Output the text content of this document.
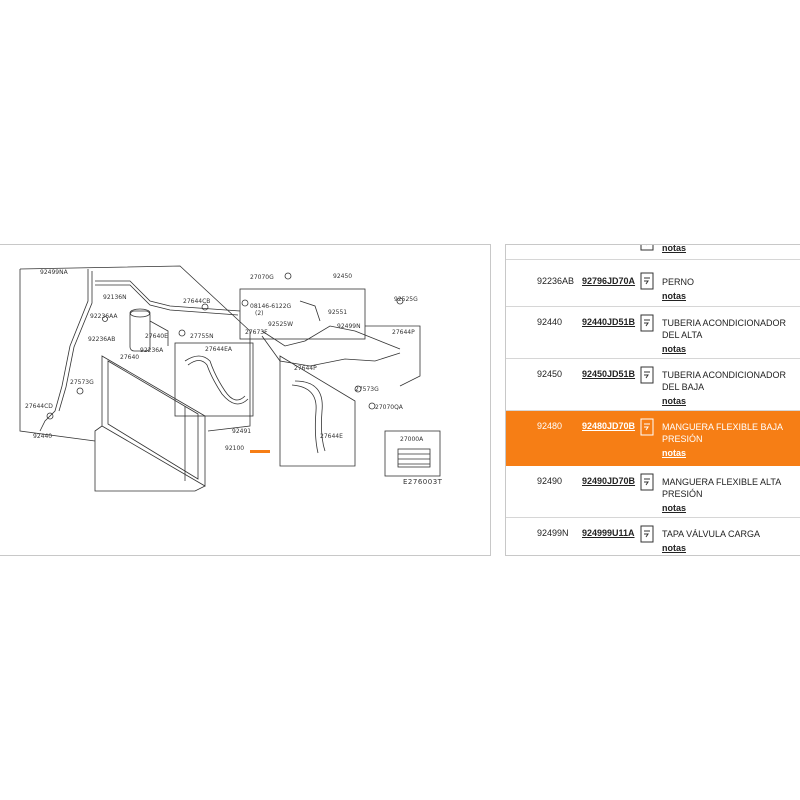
92499NA
92136N
92236AA
92236AB	27640E
92236A
27640
27573G
27644CD
92440
27644CB
27755N
27644EA
92491
92100
27070G	92450
08146-6122G
(2)	92551
27673F
92525W	92499N
92525G
27644P
27573G
27070QA
27644P
27644E	27000A
E276003T
notas
92236AB 92796JD70A	PERNO
notas
92440 92440JD51B	TUBERIA ACONDICIONADOR DEL ALTA
notas
92450 92450JD51B	TUBERIA ACONDICIONADOR DEL BAJA
notas
92480 92480JD70B	MANGUERA FLEXIBLE BAJA PRESIÓN
notas
92490 92490JD70B	MANGUERA FLEXIBLE ALTA PRESIÓN
notas
92499N 924999U11A	TAPA VÁLVULA CARGA
notas
